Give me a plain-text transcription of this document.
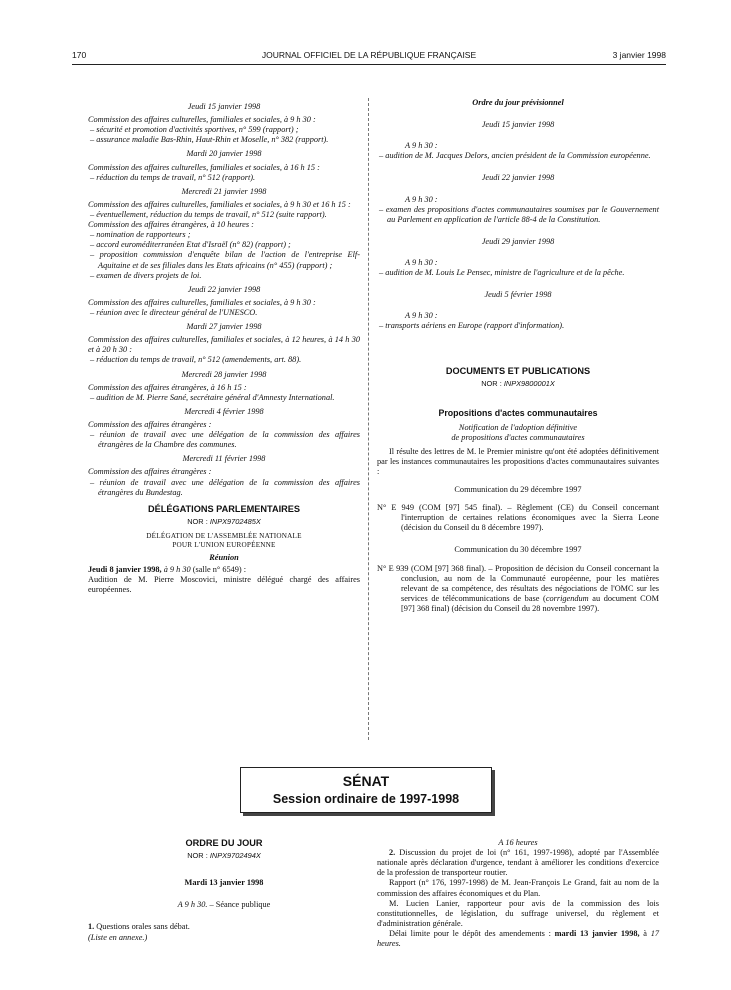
170	JOURNAL OFFICIEL DE LA RÉPUBLIQUE FRANÇAISE	3 janvier 1998
Jeudi 15 janvier 1998
Commission des affaires culturelles, familiales et sociales, à 9 h 30 :
– sécurité et promotion d'activités sportives, n° 599 (rapport) ;
– assurance maladie Bas-Rhin, Haut-Rhin et Moselle, n° 382 (rapport).
Mardi 20 janvier 1998
Commission des affaires culturelles, familiales et sociales, à 16 h 15 :
– réduction du temps de travail, n° 512 (rapport).
Mercredi 21 janvier 1998
Commission des affaires culturelles, familiales et sociales, à 9 h 30 et 16 h 15 :
– éventuellement, réduction du temps de travail, n° 512 (suite rapport).
Commission des affaires étrangères, à 10 heures :
– nomination de rapporteurs ;
– accord euroméditerranéen Etat d'Israël (n° 82) (rapport) ;
– proposition commission d'enquête bilan de l'action de l'entreprise Elf-Aquitaine et de ses filiales dans les Etats africains (n° 455) (rapport) ;
– examen de divers projets de loi.
Jeudi 22 janvier 1998
Commission des affaires culturelles, familiales et sociales, à 9 h 30 :
– réunion avec le directeur général de l'UNESCO.
Mardi 27 janvier 1998
Commission des affaires culturelles, familiales et sociales, à 12 heures, à 14 h 30 et à 20 h 30 :
– réduction du temps de travail, n° 512 (amendements, art. 88).
Mercredi 28 janvier 1998
Commission des affaires étrangères, à 16 h 15 :
– audition de M. Pierre Sané, secrétaire général d'Amnesty International.
Mercredi 4 février 1998
Commission des affaires étrangères :
– réunion de travail avec une délégation de la commission des affaires étrangères de la Chambre des communes.
Mercredi 11 février 1998
Commission des affaires étrangères :
– réunion de travail avec une délégation de la commission des affaires étrangères du Bundestag.
DÉLÉGATIONS PARLEMENTAIRES
NOR : INPX9702485X
DÉLÉGATION DE L'ASSEMBLÉE NATIONALE
POUR L'UNION EUROPÉENNE
Réunion
Jeudi 8 janvier 1998, à 9 h 30 (salle n° 6549) :
Audition de M. Pierre Moscovici, ministre délégué chargé des affaires européennes.
Ordre du jour prévisionnel
Jeudi 15 janvier 1998
A 9 h 30 :
– audition de M. Jacques Delors, ancien président de la Commission européenne.
Jeudi 22 janvier 1998
A 9 h 30 :
– examen des propositions d'actes communautaires soumises par le Gouvernement au Parlement en application de l'article 88-4 de la Constitution.
Jeudi 29 janvier 1998
A 9 h 30 :
– audition de M. Louis Le Pensec, ministre de l'agriculture et de la pêche.
Jeudi 5 février 1998
A 9 h 30 :
– transports aériens en Europe (rapport d'information).
DOCUMENTS ET PUBLICATIONS
NOR : INPX9800001X
Propositions d'actes communautaires
Notification de l'adoption définitive
de propositions d'actes communautaires
Il résulte des lettres de M. le Premier ministre qu'ont été adoptées définitivement par les instances communautaires les propositions d'actes communautaires suivantes :
Communication du 29 décembre 1997
N° E 949 (COM [97] 545 final). – Règlement (CE) du Conseil concernant l'interruption de certaines relations économiques avec la Sierra Leone (décision du Conseil du 8 décembre 1997).
Communication du 30 décembre 1997
N° E 939 (COM [97] 368 final). – Proposition de décision du Conseil concernant la conclusion, au nom de la Communauté européenne, pour les matières relevant de sa compétence, des résultats des négociations de l'OMC sur les services de télécommunications de base (corrigendum au document COM [97] 368 final) (décision du Conseil du 28 novembre 1997).
SÉNAT
Session ordinaire de 1997-1998
ORDRE DU JOUR
NOR : INPX9702494X
Mardi 13 janvier 1998
A 9 h 30. – Séance publique
1. Questions orales sans débat.
(Liste en annexe.)
A 16 heures
2. Discussion du projet de loi (n° 161, 1997-1998), adopté par l'Assemblée nationale après déclaration d'urgence, tendant à améliorer les conditions d'exercice de la profession de transporteur routier.
Rapport (n° 176, 1997-1998) de M. Jean-François Le Grand, fait au nom de la commission des affaires économiques et du Plan.
M. Lucien Lanier, rapporteur pour avis de la commission des lois constitutionnelles, de législation, du suffrage universel, du règlement et d'administration générale.
Délai limite pour le dépôt des amendements : mardi 13 janvier 1998, à 17 heures.
